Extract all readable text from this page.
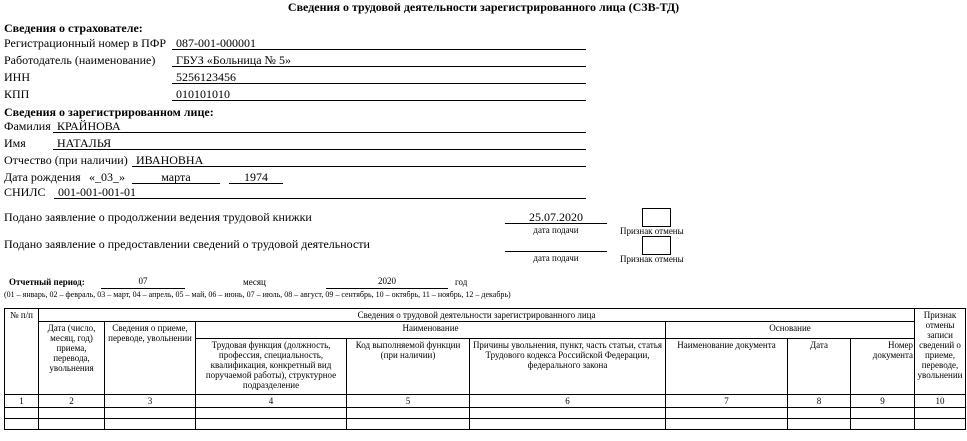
Сведения о трудовой деятельности зарегистрированного лица (СЗВ-ТД)
Сведения о страхователе:
Регистрационный номер в ПФР 087-001-000001
Работодатель (наименование) ГБУЗ «Больница № 5»
ИНН	5256123456
КПП	010101010
Сведения о зарегистрированном лице:
Фамилия КРАЙНОВА
Имя	НАТАЛЬЯ
Отчество (при наличии) ИВАНОВНА
Дата рождения «_03_»	марта	1974
СНИЛС 001-001-001-01
Подано заявление о продолжении ведения трудовой книжки	25.07.2020
дата подачи	Признак отмены
Подано заявление о предоставлении сведений о трудовой деятельности
дата подачи	Признак отмены
Отчетный период:	07	месяц	2020	год
(01 – январь, 02 – февраль, 03 – март, 04 – апрель, 05 – май, 06 – июнь, 07 – июль, 08 – август, 09 – сентябрь, 10 – октябрь, 11 – ноябрь, 12 – декабрь)
№ п/п	Сведения о трудовой деятельности зарегистрированного лица								Признак отмены записи сведений о приеме, переводе, увольнении
	Дата (число, месяц, год) приема, перевода, увольнения	Сведения о приеме, переводе, увольнении	Наименование			Основание			
			Трудовая функция (должность, профессия, специальность, квалификация, конкретный вид поручаемой работы), структурное подразделение	Код выполняемой функции (при наличии)	Причины увольнения, пункт, часть статьи, статья Трудового кодекса Российской Федерации, федерального закона	Наименование документа	Дата	Номер документа	
1	2	3	4	5	6	7	8	9	10
